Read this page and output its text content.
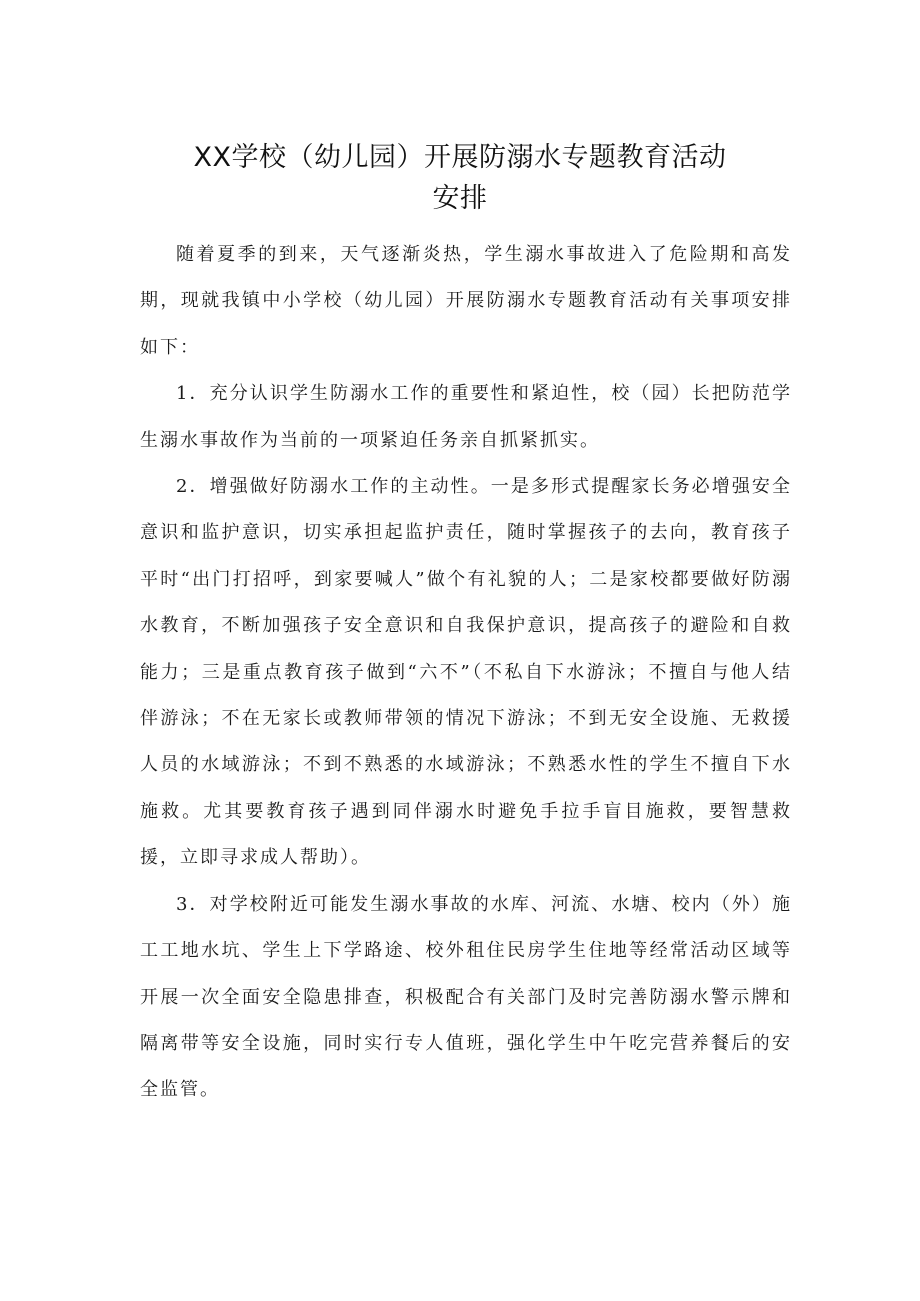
XX学校（幼儿园）开展防溺水专题教育活动
安排

随着夏季的到来，天气逐渐炎热，学生溺水事故进入了危险期和高发期，现就我镇中小学校（幼儿园）开展防溺水专题教育活动有关事项安排如下：

1．充分认识学生防溺水工作的重要性和紧迫性，校（园）长把防范学生溺水事故作为当前的一项紧迫任务亲自抓紧抓实。

2．增强做好防溺水工作的主动性。一是多形式提醒家长务必增强安全意识和监护意识，切实承担起监护责任，随时掌握孩子的去向，教育孩子平时“出门打招呼，到家要喊人”做个有礼貌的人；二是家校都要做好防溺水教育，不断加强孩子安全意识和自我保护意识，提高孩子的避险和自救能力；三是重点教育孩子做到“六不”（不私自下水游泳；不擅自与他人结伴游泳；不在无家长或教师带领的情况下游泳；不到无安全设施、无救援人员的水域游泳；不到不熟悉的水域游泳；不熟悉水性的学生不擅自下水施救。尤其要教育孩子遇到同伴溺水时避免手拉手盲目施救，要智慧救援，立即寻求成人帮助）。

3．对学校附近可能发生溺水事故的水库、河流、水塘、校内（外）施工工地水坑、学生上下学路途、校外租住民房学生住地等经常活动区域等开展一次全面安全隐患排查，积极配合有关部门及时完善防溺水警示牌和隔离带等安全设施，同时实行专人值班，强化学生中午吃完营养餐后的安全监管。
